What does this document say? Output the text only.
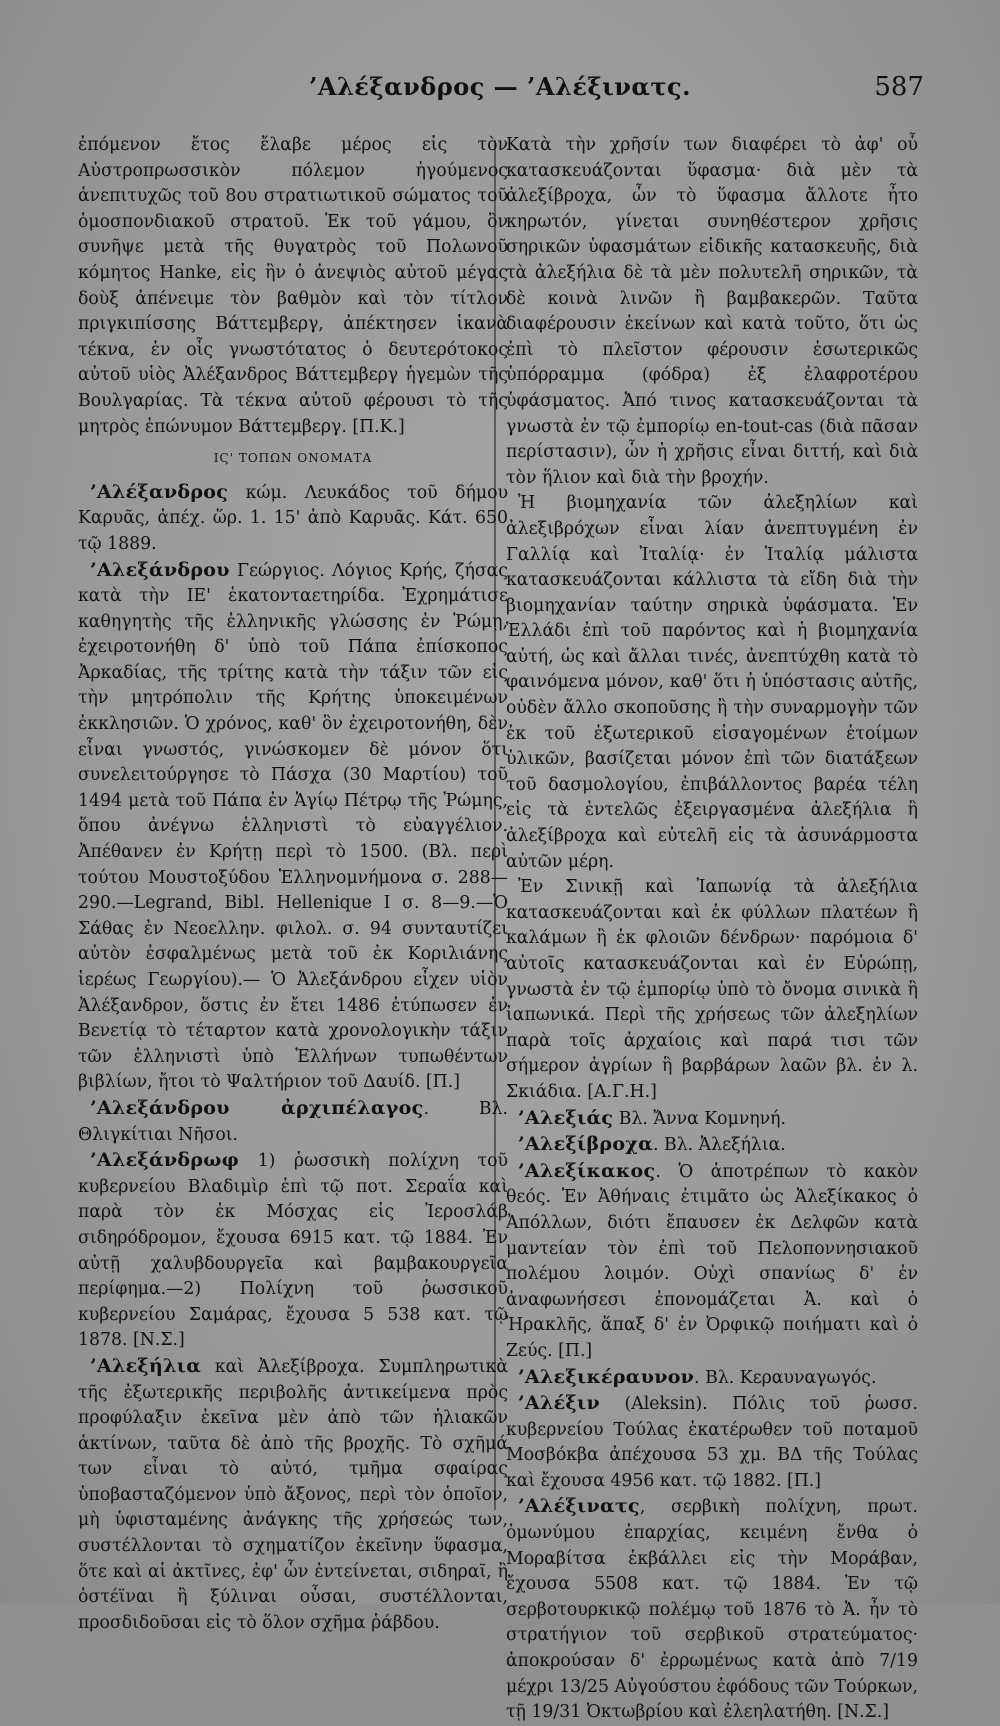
’Αλέξανδρος — ’Αλέξινατς.	587

ἐπόμενον ἔτος ἔλαβε μέρος εἰς τὸν Αὐστροπρωσσικὸν πόλεμον ἡγούμενος ἀνεπιτυχῶς τοῦ 8ου στρατιωτικοῦ σώματος τοῦ ὁμοσπονδιακοῦ στρατοῦ. Ἐκ τοῦ γάμου, ὃν συνῆψε μετὰ τῆς θυγατρὸς τοῦ Πολωνοῦ κόμητος Hanke, εἰς ἣν ὁ ἀνεψιὸς αὐτοῦ μέγας δοὺξ ἀπένειμε τὸν βαθμὸν καὶ τὸν τίτλον πριγκιπίσσης Βάττεμβεργ, ἀπέκτησεν ἱκανὰ τέκνα, ἐν οἷς γνωστότατος ὁ δευτερότοκος αὐτοῦ υἱὸς Ἀλέξανδρος Βάττεμβεργ ἡγεμὼν τῆς Βουλγαρίας. Τὰ τέκνα αὐτοῦ φέρουσι τὸ τῆς μητρὸς ἐπώνυμον Βάττεμβεργ. [Π.Κ.]

ΙϚ' ΤΟΠΩΝ ΟΝΟΜΑΤΑ

’Αλέξανδρος κώμ. Λευκάδος τοῦ δήμου Καρυᾶς, ἀπέχ. ὥρ. 1. 15' ἀπὸ Καρυᾶς. Κάτ. 650 τῷ 1889.

’Αλεξάνδρου Γεώργιος. Λόγιος Κρής, ζήσας κατὰ τὴν ΙΕ' ἑκατονταετηρίδα. Ἐχρημάτισε καθηγητὴς τῆς ἑλληνικῆς γλώσσης ἐν Ῥώμῃ, ἐχειροτονήθη δ' ὑπὸ τοῦ Πάπα ἐπίσκοπος Ἀρκαδίας, τῆς τρίτης κατὰ τὴν τάξιν τῶν εἰς τὴν μητρόπολιν τῆς Κρήτης ὑποκειμένων ἐκκλησιῶν. Ὁ χρόνος, καθ' ὃν ἐχειροτονήθη, δὲν εἶναι γνωστός, γινώσκομεν δὲ μόνον ὅτι συνελειτούργησε τὸ Πάσχα (30 Μαρτίου) τοῦ 1494 μετὰ τοῦ Πάπα ἐν Ἁγίῳ Πέτρῳ τῆς Ῥώμης, ὅπου ἀνέγνω ἑλληνιστὶ τὸ εὐαγγέλιον. Ἀπέθανεν ἐν Κρήτῃ περὶ τὸ 1500. (Βλ. περὶ τούτου Μουστοξύδου Ἑλληνομνήμονα σ. 288—290.—Legrand, Bibl. Hellenique I σ. 8—9.—Ὁ Σάθας ἐν Νεοελλην. φιλολ. σ. 94 συνταυτίζει αὐτὸν ἐσφαλμένως μετὰ τοῦ ἐκ Κοριλιάνης ἱερέως Γεωργίου).— Ὁ Ἀλεξάνδρου εἶχεν υἱὸν Ἀλέξανδρον, ὅστις ἐν ἔτει 1486 ἐτύπωσεν ἐν Βενετίᾳ τὸ τέταρτον κατὰ χρονολογικὴν τάξιν τῶν ἑλληνιστὶ ὑπὸ Ἑλλήνων τυπωθέντων βιβλίων, ἤτοι τὸ Ψαλτήριον τοῦ Δαυίδ. [Π.]

’Αλεξάνδρου ἀρχιπέλαγος. Βλ. Θλιγκίτιαι Νῆσοι.

’Αλεξάνδρωφ 1) ῥωσσικὴ πολίχνη τοῦ κυβερνείου Βλαδιμὶρ ἐπὶ τῷ ποτ. Σεραΐα καὶ παρὰ τὸν ἐκ Μόσχας εἰς Ἱεροσλάβ σιδηρόδρομον, ἔχουσα 6915 κατ. τῷ 1884. Ἐν αὐτῇ χαλυβδουργεῖα καὶ βαμβακουργεῖα περίφημα.—2) Πολίχνη τοῦ ῥωσσικοῦ κυβερνείου Σαμάρας, ἔχουσα 5 538 κατ. τῷ 1878. [Ν.Σ.]

’Αλεξήλια καὶ Ἀλεξίβροχα. Συμπληρωτικὰ τῆς ἐξωτερικῆς περιβολῆς ἀντικείμενα πρὸς προφύλαξιν ἐκεῖνα μὲν ἀπὸ τῶν ἡλιακῶν ἀκτίνων, ταῦτα δὲ ἀπὸ τῆς βροχῆς. Τὸ σχῆμά των εἶναι τὸ αὐτό, τμῆμα σφαίρας ὑποβασταζόμενον ὑπὸ ἄξονος, περὶ τὸν ὁποῖον, μὴ ὑφισταμένης ἀνάγκης τῆς χρήσεώς των, συστέλλονται τὸ σχηματίζον ἐκεῖνην ὕφασμα, ὅτε καὶ αἱ ἀκτῖνες, ἐφ' ὧν ἐντείνεται, σιδηραῖ, ἢ ὀστέϊναι ἢ ξύλιναι οὖσαι, συστέλλονται, προσδιδοῦσαι εἰς τὸ ὅλον σχῆμα ῥάβδου.

Κατὰ τὴν χρῆσίν των διαφέρει τὸ ἀφ' οὗ κατασκευάζονται ὕφασμα· διὰ μὲν τὰ ἀλεξίβροχα, ὧν τὸ ὕφασμα ἄλλοτε ἦτο κηρωτόν, γίνεται συνηθέστερον χρῆσις σηρικῶν ὑφασμάτων εἰδικῆς κατασκευῆς, διὰ τὰ ἀλεξήλια δὲ τὰ μὲν πολυτελῆ σηρικῶν, τὰ δὲ κοινὰ λινῶν ἢ βαμβακερῶν. Ταῦτα διαφέρουσιν ἐκείνων καὶ κατὰ τοῦτο, ὅτι ὡς ἐπὶ τὸ πλεῖστον φέρουσιν ἐσωτερικῶς ὑπόρραμμα (φόδρα) ἐξ ἐλαφροτέρου ὑφάσματος. Ἀπό τινος κατασκευάζονται τὰ γνωστὰ ἐν τῷ ἐμπορίῳ en-tout-cas (διὰ πᾶσαν περίστασιν), ὧν ἡ χρῆσις εἶναι διττή, καὶ διὰ τὸν ἥλιον καὶ διὰ τὴν βροχήν.

Ἡ βιομηχανία τῶν ἀλεξηλίων καὶ ἀλεξιβρόχων εἶναι λίαν ἀνεπτυγμένη ἐν Γαλλίᾳ καὶ Ἰταλίᾳ· ἐν Ἰταλίᾳ μάλιστα κατασκευάζονται κάλλιστα τὰ εἴδη διὰ τὴν βιομηχανίαν ταύτην σηρικὰ ὑφάσματα. Ἐν Ἑλλάδι ἐπὶ τοῦ παρόντος καὶ ἡ βιομηχανία αὐτή, ὡς καὶ ἄλλαι τινές, ἀνεπτύχθη κατὰ τὸ φαινόμενα μόνον, καθ' ὅτι ἡ ὑπόστασις αὐτῆς, οὐδὲν ἄλλο σκοποῦσης ἢ τὴν συναρμογὴν τῶν ἐκ τοῦ ἐξωτερικοῦ εἰσαγομένων ἑτοίμων ὑλικῶν, βασίζεται μόνον ἐπὶ τῶν διατάξεων τοῦ δασμολογίου, ἐπιβάλλοντος βαρέα τέλη εἰς τὰ ἐντελῶς ἐξειργασμένα ἀλεξήλια ἢ ἀλεξίβροχα καὶ εὐτελῆ εἰς τὰ ἀσυνάρμοστα αὐτῶν μέρη.

Ἐν Σινικῇ καὶ Ἰαπωνίᾳ τὰ ἀλεξήλια κατασκευάζονται καὶ ἐκ φύλλων πλατέων ἢ καλάμων ἢ ἐκ φλοιῶν δένδρων· παρόμοια δ' αὐτοῖς κατασκευάζονται καὶ ἐν Εὐρώπῃ, γνωστὰ ἐν τῷ ἐμπορίῳ ὑπὸ τὸ ὄνομα σινικὰ ἢ ἰαπωνικά. Περὶ τῆς χρήσεως τῶν ἀλεξηλίων παρὰ τοῖς ἀρχαίοις καὶ παρά τισι τῶν σήμερον ἀγρίων ἢ βαρβάρων λαῶν βλ. ἐν λ. Σκιάδια. [Α.Γ.Η.]

’Αλεξιάς Βλ. Ἄννα Κομνηνή.

’Αλεξίβροχα. Βλ. Ἀλεξήλια.

’Αλεξίκακος. Ὁ ἀποτρέπων τὸ κακὸν θεός. Ἐν Ἀθήναις ἐτιμᾶτο ὡς Ἀλεξίκακος ὁ Ἀπόλλων, διότι ἔπαυσεν ἐκ Δελφῶν κατὰ μαντείαν τὸν ἐπὶ τοῦ Πελοποννησιακοῦ πολέμου λοιμόν. Οὐχὶ σπανίως δ' ἐν ἀναφωνήσεσι ἐπονομάζεται Ἀ. καὶ ὁ Ἡρακλῆς, ἅπαξ δ' ἐν Ὀρφικῷ ποιήματι καὶ ὁ Ζεύς. [Π.]

’Αλεξικέραυνον. Βλ. Κεραυναγωγός.

’Αλέξιν (Aleksin). Πόλις τοῦ ῥωσσ. κυβερνείου Τούλας ἑκατέρωθεν τοῦ ποταμοῦ Μοσβόκβα ἀπέχουσα 53 χμ. ΒΔ τῆς Τούλας καὶ ἔχουσα 4956 κατ. τῷ 1882. [Π.]

’Αλέξινατς, σερβικὴ πολίχνη, πρωτ. ὁμωνύμου ἐπαρχίας, κειμένη ἔνθα ὁ Μοραβίτσα ἐκβάλλει εἰς τὴν Μοράβαν, ἔχουσα 5508 κατ. τῷ 1884. Ἐν τῷ σερβοτουρκικῷ πολέμῳ τοῦ 1876 τὸ Ἀ. ἦν τὸ στρατήγιον τοῦ σερβικοῦ στρατεύματος· ἀποκρούσαν δ' ἐρρωμένως κατὰ ἀπὸ 7/19 μέχρι 13/25 Αὐγούστου ἐφόδους τῶν Τούρκων, τῇ 19/31 Ὀκτωβρίου καὶ ἐλεηλατήθη. [Ν.Σ.]
